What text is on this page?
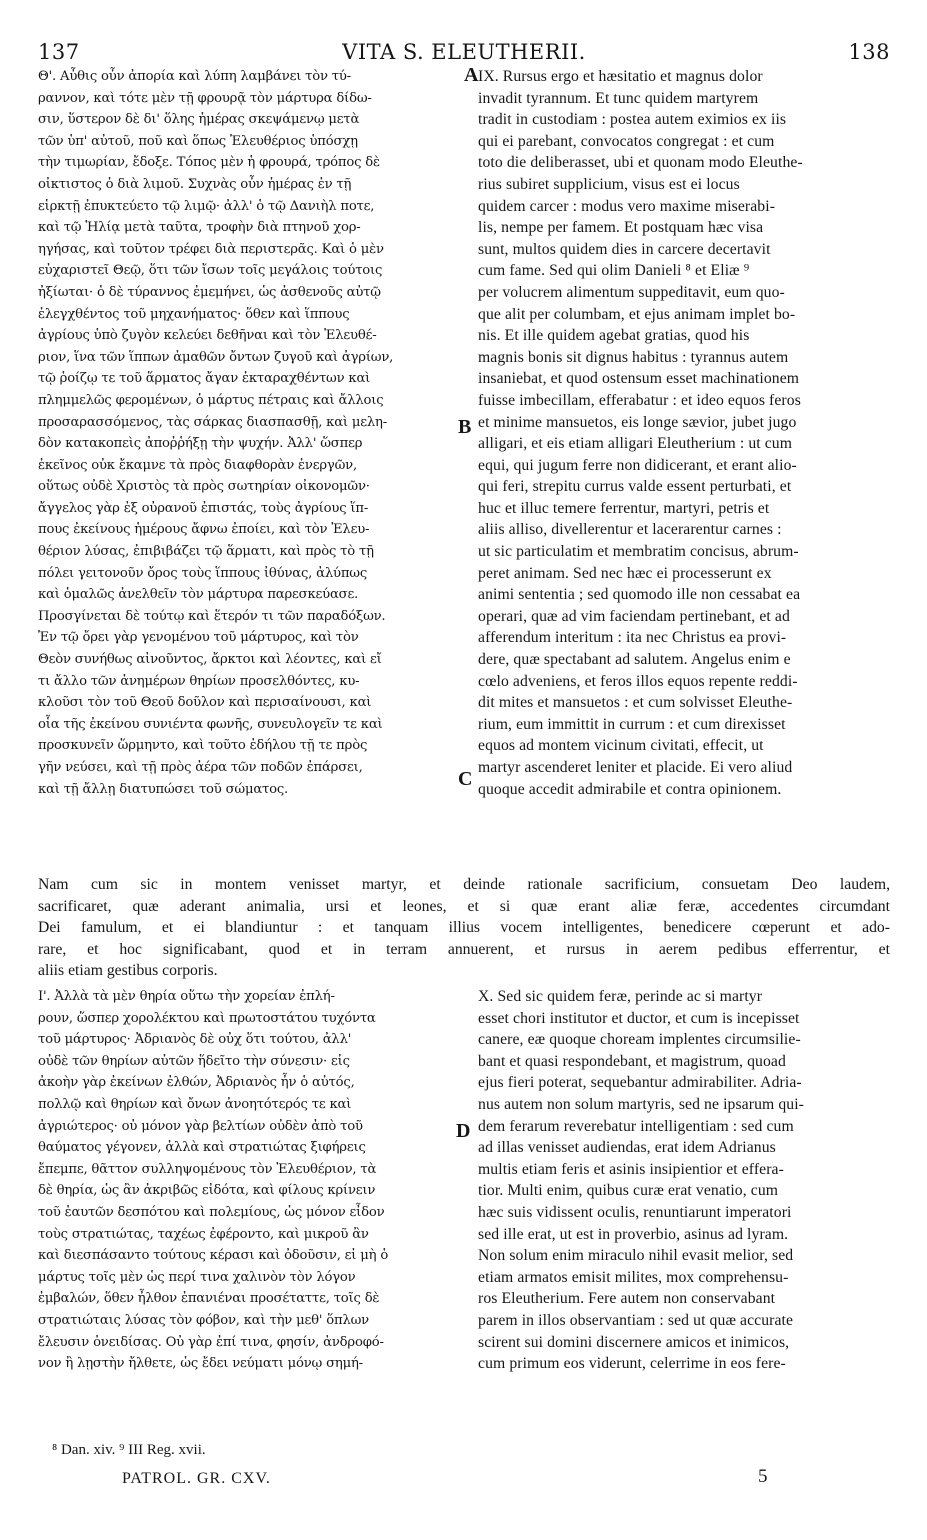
137	VITA S. ELEUTHERII.	138
Θ'. Αὖθις οὖν ἀπορία καὶ λύπη λαμβάνει τὸν τύ-
ραννον, καὶ τότε μὲν τῇ φρουρᾷ τὸν μάρτυρα δίδω-
σιν, ὕστερον δὲ δι' ὅλης ἡμέρας σκεψάμενῳ μετὰ
τῶν ὑπ' αὐτοῦ, ποῦ καὶ ὅπως Ἐλευθέριος ὑπόσχῃ
τὴν τιμωρίαν, ἔδοξε. Τόπος μὲν ἡ φρουρά, τρόπος δὲ
οἰκτιστος ὁ διὰ λιμοῦ. Συχνὰς οὖν ἡμέρας ἐν τῇ
εἱρκτῇ ἐπυκτεύετο τῷ λιμῷ· ἀλλ' ὁ τῷ Δανιὴλ ποτε,
καὶ τῷ Ἡλίᾳ μετὰ ταῦτα, τροφὴν διὰ πτηνοῦ χορ-
ηγήσας, καὶ τοῦτον τρέφει διὰ περιστερᾶς. Καὶ ὁ μὲν
εὐχαριστεῖ Θεῷ, ὅτι τῶν ἴσων τοῖς μεγάλοις τούτοις
ἠξίωται· ὁ δὲ τύραννος ἐμεμήνει, ὡς ἀσθενοῦς αὐτῷ
ἐλεγχθέντος τοῦ μηχανήματος· ὅθεν καὶ ἵππους
ἀγρίους ὑπὸ ζυγὸν κελεύει δεθῆναι καὶ τὸν Ἐλευθέ-
ριον, ἵνα τῶν ἵππων ἀμαθῶν ὄντων ζυγοῦ καὶ ἀγρίων,
τῷ ῥοίζῳ τε τοῦ ἅρματος ἄγαν ἐκταραχθέντων καὶ
πλημμελῶς φερομένων, ὁ μάρτυς πέτραις καὶ ἄλλοις
προσαρασσόμενος, τὰς σάρκας διασπασθῇ, καὶ μελη-
δὸν κατακοπεὶς ἀποῤῥήξῃ τὴν ψυχήν. Ἀλλ' ὥσπερ
ἐκεῖνος οὐκ ἔκαμνε τὰ πρὸς διαφθορὰν ἐνεργῶν,
οὕτως οὐδὲ Χριστὸς τὰ πρὸς σωτηρίαν οἰκονομῶν·
ἄγγελος γὰρ ἐξ οὐρανοῦ ἐπιστάς, τοὺς ἀγρίους ἵπ-
πους ἐκείνους ἡμέρους ἄφνω ἐποίει, καὶ τὸν Ἐλευ-
θέριον λύσας, ἐπιβιβάζει τῷ ἅρματι, καὶ πρὸς τὸ τῇ
πόλει γειτονοῦν ὄρος τοὺς ἵππους ἰθύνας, ἀλύπως
καὶ ὁμαλῶς ἀνελθεῖν τὸν μάρτυρα παρεσκεύασε.
Προσγίνεται δὲ τούτῳ καὶ ἕτερόν τι τῶν παραδόξων.
Ἐν τῷ ὄρει γὰρ γενομένου τοῦ μάρτυρος, καὶ τὸν
Θεὸν συνήθως αἰνοῦντος, ἄρκτοι καὶ λέοντες, καὶ εἴ
τι ἄλλο τῶν ἀνημέρων θηρίων προσελθόντες, κυ-
κλοῦσι τὸν τοῦ Θεοῦ δοῦλον καὶ περισαίνουσι, καὶ
οἷα τῆς ἐκείνου συνιέντα φωνῆς, συνευλογεῖν τε καὶ
προσκυνεῖν ὥρμηντο, καὶ τοῦτο ἐδήλου τῇ τε πρὸς
γῆν νεύσει, καὶ τῇ πρὸς ἀέρα τῶν ποδῶν ἐπάρσει,
καὶ τῇ ἄλλῃ διατυπώσει τοῦ σώματος.
IX. Rursus ergo et hæsitatio et magnus dolor
invadit tyrannum. Et tunc quidem martyrem
tradit in custodiam : postea autem eximios ex iis
qui ei parebant, convocatos congregat : et cum
toto die deliberasset, ubi et quonam modo Eleuthe-
rius subiret supplicium, visus est ei locus
quidem carcer : modus vero maxime miserabi-
lis, nempe per famem. Et postquam hæc visa
sunt, multos quidem dies in carcere decertavit
cum fame. Sed qui olim Danieli ⁸ et Eliæ ⁹
per volucrem alimentum suppeditavit, eum quo-
que alit per columbam, et ejus animam implet bo-
nis. Et ille quidem agebat gratias, quod his
magnis bonis sit dignus habitus : tyrannus autem
insaniebat, et quod ostensum esset machinationem
fuisse imbecillam, efferabatur : et ideo equos feros
et minime mansuetos, eis longe sævior, jubet jugo
alligari, et eis etiam alligari Eleutherium : ut cum
equi, qui jugum ferre non didicerant, et erant alio-
qui feri, strepitu currus valde essent perturbati, et
huc et illuc temere ferrentur, martyri, petris et
aliis alliso, divellerentur et lacerarentur carnes :
ut sic particulatim et membratim concisus, abrum-
peret animam. Sed nec hæc ei processerunt ex
animi sententia ; sed quomodo ille non cessabat ea
operari, quæ ad vim faciendam pertinebant, et ad
afferendum interitum : ita nec Christus ea provi-
dere, quæ spectabant ad salutem. Angelus enim e
cœlo adveniens, et feros illos equos repente reddi-
dit mites et mansuetos : et cum solvisset Eleuthe-
rium, eum immittit in currum : et cum direxisset
equos ad montem vicinum civitati, effecit, ut
martyr ascenderet leniter et placide. Ei vero aliud
quoque accedit admirabile et contra opinionem.
A
B
C
D
Nam cum sic in montem venisset martyr, et deinde rationale sacrificium, consuetam Deo laudem,
sacrificaret, quæ aderant animalia, ursi et leones, et si quæ erant aliæ feræ, accedentes circumdant
Dei famulum, et ei blandiuntur : et tanquam illius vocem intelligentes, benedicere cœperunt et ado-
rare, et hoc significabant, quod et in terram annuerent, et rursus in aerem pedibus efferrentur, et
aliis etiam gestibus corporis.
Ι'. Ἀλλὰ τὰ μὲν θηρία οὕτω τὴν χορείαν ἐπλή-
ρουν, ὥσπερ χορολέκτου καὶ πρωτοστάτου τυχόντα
τοῦ μάρτυρος· Ἀδριανὸς δὲ οὐχ ὅτι τούτου, ἀλλ'
οὐδὲ τῶν θηρίων αὐτῶν ἥδεῖτο τὴν σύνεσιν· εἰς
ἀκοὴν γὰρ ἐκείνων ἐλθών, Ἀδριανὸς ἦν ὁ αὐτός,
πολλῷ καὶ θηρίων καὶ ὄνων ἀνοητότερός τε καὶ
ἀγριώτερος· οὐ μόνον γὰρ βελτίων οὐδὲν ἀπὸ τοῦ
θαύματος γέγονεν, ἀλλὰ καὶ στρατιώτας ξιφήρεις
ἔπεμπε, θᾶττον συλληψομένους τὸν Ἐλευθέριον, τὰ
δὲ θηρία, ὡς ἂν ἀκριβῶς εἰδότα, καὶ φίλους κρίνειν
τοῦ ἑαυτῶν δεσπότου καὶ πολεμίους, ὡς μόνον εἶδον
τοὺς στρατιώτας, ταχέως ἐφέροντο, καὶ μικροῦ ἂν
καὶ διεσπάσαντο τούτους κέρασι καὶ ὀδοῦσιν, εἰ μὴ ὁ
μάρτυς τοῖς μὲν ὡς περί τινα χαλινὸν τὸν λόγον
ἐμβαλών, ὅθεν ἦλθον ἐπανιέναι προσέταττε, τοῖς δὲ
στρατιώταις λύσας τὸν φόβον, καὶ τὴν μεθ' ὅπλων
ἔλευσιν ὀνειδίσας. Οὐ γὰρ ἐπί τινα, φησίν, ἀνδροφό-
νον ἢ λῃστὴν ἤλθετε, ὡς ἔδει νεύματι μόνῳ σημή-
X. Sed sic quidem feræ, perinde ac si martyr
esset chori institutor et ductor, et cum is incepisset
canere, eæ quoque choream implentes circumsilie-
bant et quasi respondebant, et magistrum, quoad
ejus fieri poterat, sequebantur admirabiliter. Adria-
nus autem non solum martyris, sed ne ipsarum qui-
dem ferarum reverebatur intelligentiam : sed cum
ad illas venisset audiendas, erat idem Adrianus
multis etiam feris et asinis insipientior et effera-
tior. Multi enim, quibus curæ erat venatio, cum
hæc suis vidissent oculis, renuntiarunt imperatori
sed ille erat, ut est in proverbio, asinus ad lyram.
Non solum enim miraculo nihil evasit melior, sed
etiam armatos emisit milites, mox comprehensu-
ros Eleutherium. Fere autem non conservabant
parem in illos observantiam : sed ut quæ accurate
scirent sui domini discernere amicos et inimicos,
cum primum eos viderunt, celerrime in eos fere-
⁸ Dan. xiv. ⁹ III Reg. xvii.
PATROL. GR. CXV.	5
